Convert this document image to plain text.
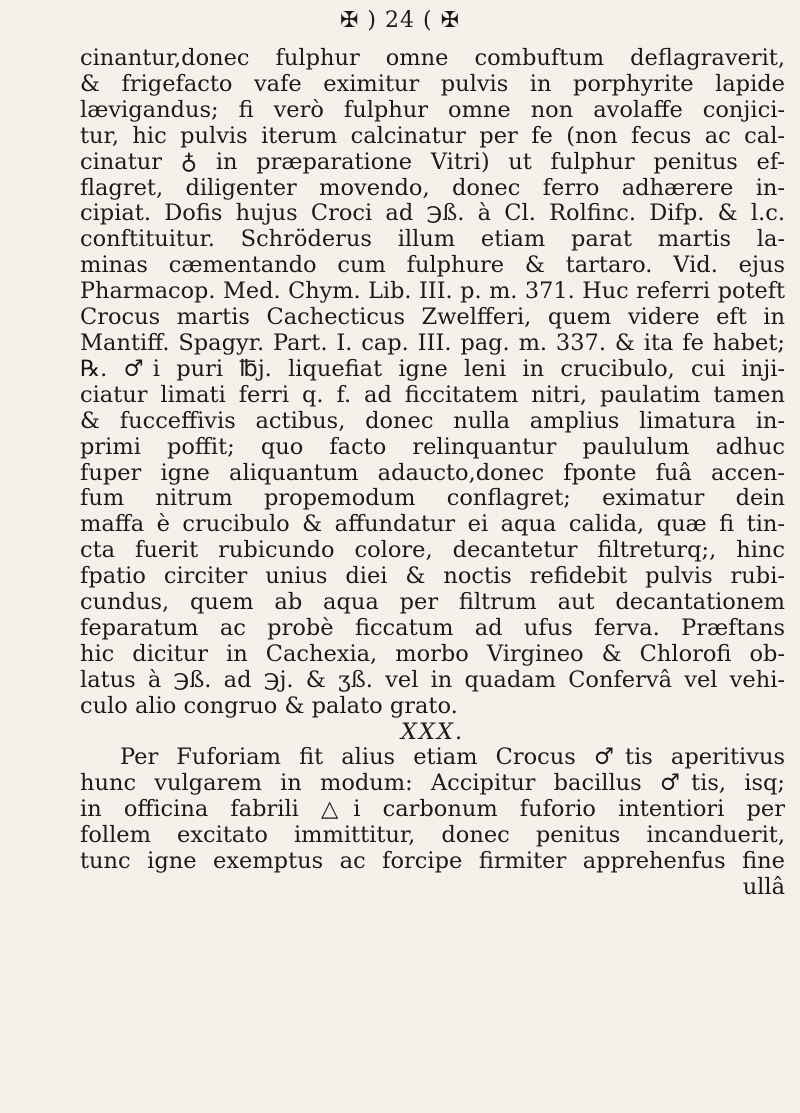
✠ ) 24 ( ✠
cinantur,donec fulphur omne combuftum deflagraverit,
& frigefacto vafe eximitur pulvis in porphyrite lapide
lævigandus; fi verò fulphur omne non avolaffe conjici-
tur, hic pulvis iterum calcinatur per fe (non fecus ac cal-
cinatur ♁ in præparatione Vitri) ut fulphur penitus ef-
flagret, diligenter movendo, donec ferro adhærere in-
cipiat. Dofis hujus Croci ad ℈ß. à Cl. Rolfinc. Difp. & l.c.
conftituitur. Schröderus illum etiam parat martis la-
minas cæmentando cum fulphure & tartaro. Vid. ejus
Pharmacop. Med. Chym. Lib. III. p. m. 371. Huc referri poteft
Crocus martis Cachecticus Zwelfferi, quem videre eft in
Mantiff. Spagyr. Part. I. cap. III. pag. m. 337. & ita fe habet;
℞. ♂i puri ℔j. liquefiat igne leni in crucibulo, cui inji-
ciatur limati ferri q. f. ad ficcitatem nitri, paulatim tamen
& fucceffivis actibus, donec nulla amplius limatura in-
primi poffit; quo facto relinquantur paululum adhuc
fuper igne aliquantum adaucto,donec fponte fuâ accen-
fum nitrum propemodum conflagret; eximatur dein
maffa è crucibulo & affundatur ei aqua calida, quæ fi tin-
cta fuerit rubicundo colore, decantetur filtreturq;, hinc
fpatio circiter unius diei & noctis refidebit pulvis rubi-
cundus, quem ab aqua per filtrum aut decantationem
feparatum ac probè ficcatum ad ufus ferva. Præftans
hic dicitur in Cachexia, morbo Virgineo & Chlorofi ob-
latus à ℈ß. ad ℈j. & ʒß. vel in quadam Confervâ vel vehi-
culo alio congruo & palato grato.
XXX.
Per Fuforiam fit alius etiam Crocus ♂tis aperitivus
hunc vulgarem in modum: Accipitur bacillus ♂tis, isq;
in officina fabrili △i carbonum fuforio intentiori per
follem excitato immittitur, donec penitus incanduerit,
tunc igne exemptus ac forcipe firmiter apprehenfus fine
ullâ
